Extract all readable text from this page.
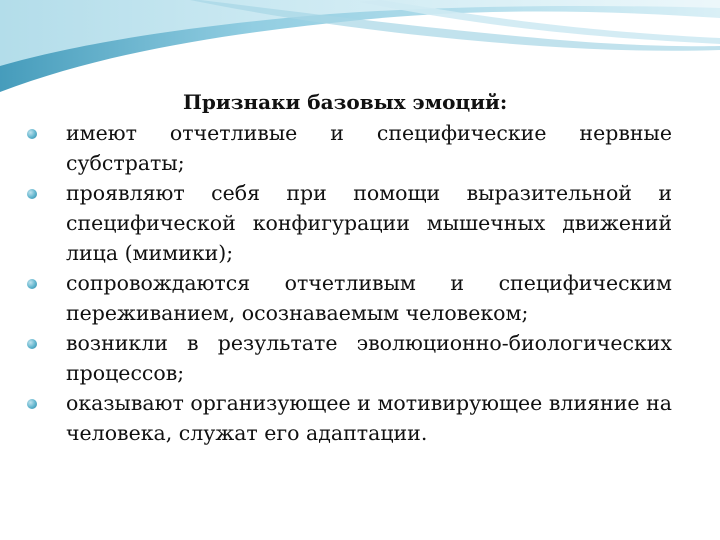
Признаки базовых эмоций:
имеют отчетливые и специфические нервные субстраты;
проявляют себя при помощи выразительной и специфической конфигурации мышечных движений лица (мимики);
сопровождаются отчетливым и специфическим переживанием, осознаваемым человеком;
возникли в результате эволюционно-биологических процессов;
оказывают организующее и мотивирующее влияние на человека, служат его адаптации.
